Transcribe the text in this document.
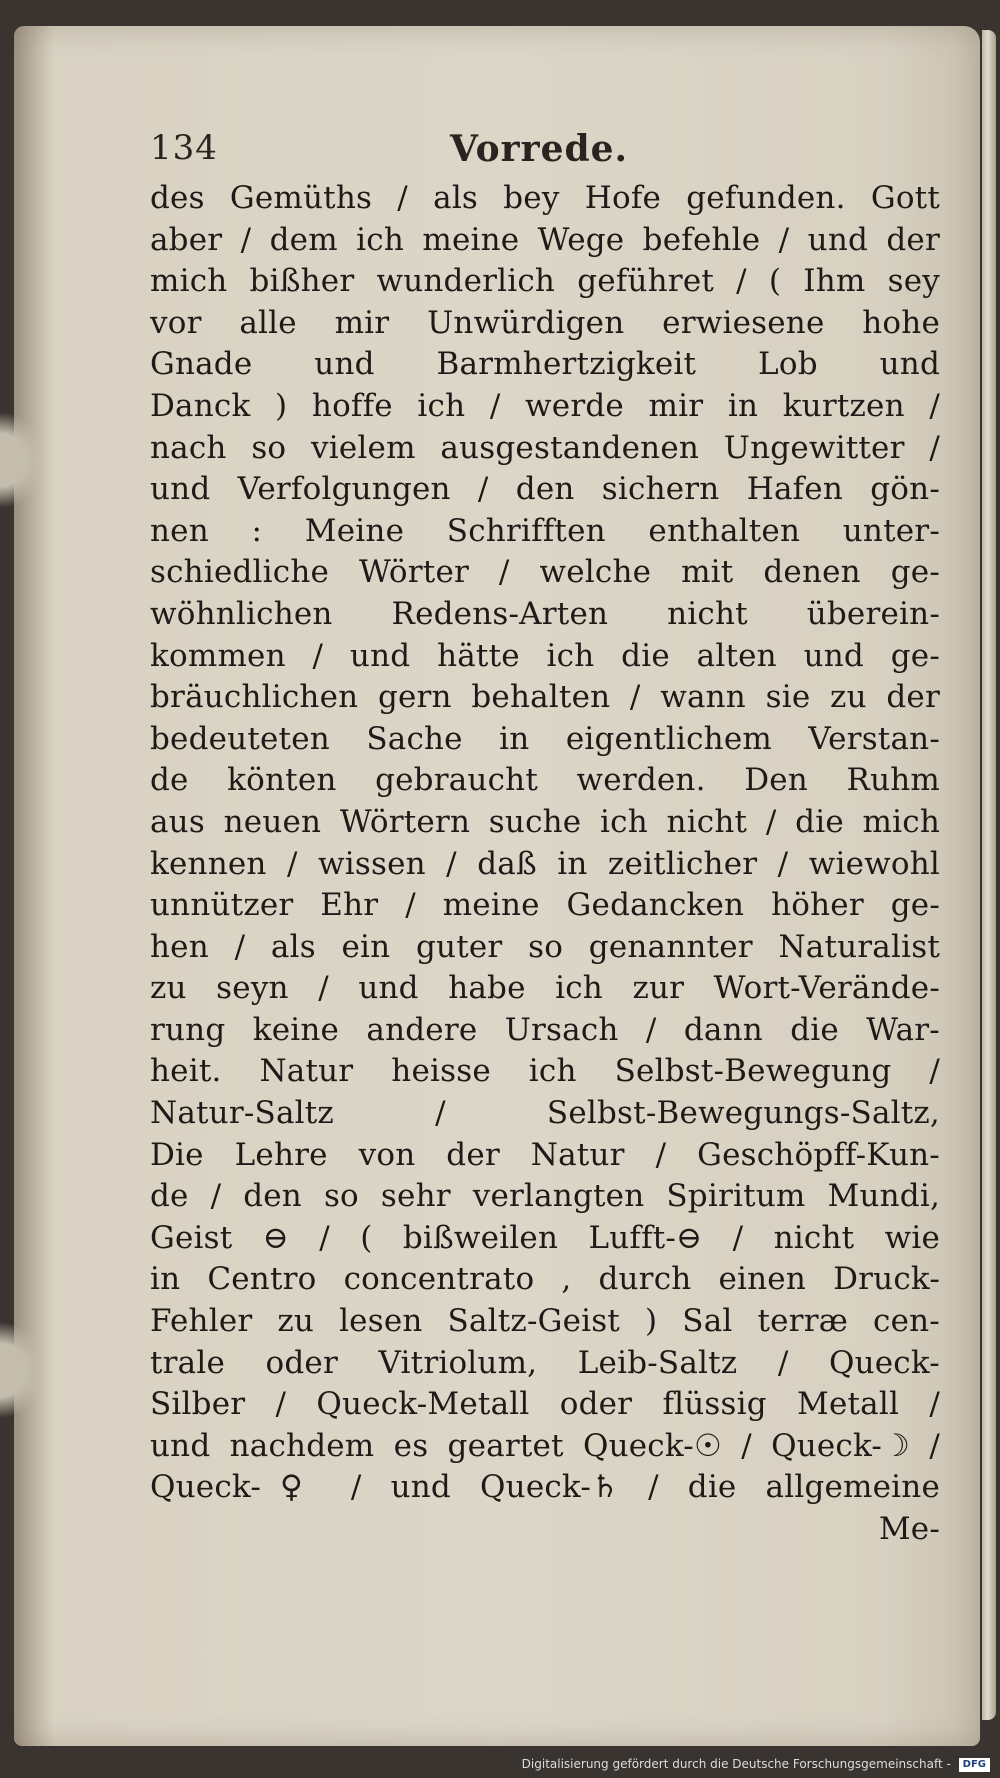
134	Vorrede.
des Gemüths / als bey Hofe gefunden. Gott
aber / dem ich meine Wege befehle / und der
mich bißher wunderlich geführet / ( Ihm sey
vor alle mir Unwürdigen erwiesene hohe
Gnade und Barmhertzigkeit Lob und
Danck ) hoffe ich / werde mir in kurtzen /
nach so vielem ausgestandenen Ungewitter /
und Verfolgungen / den sichern Hafen gön-
nen : Meine Schrifften enthalten unter-
schiedliche Wörter / welche mit denen ge-
wöhnlichen Redens-Arten nicht überein-
kommen / und hätte ich die alten und ge-
bräuchlichen gern behalten / wann sie zu der
bedeuteten Sache in eigentlichem Verstan-
de könten gebraucht werden. Den Ruhm
aus neuen Wörtern suche ich nicht / die mich
kennen / wissen / daß in zeitlicher / wiewohl
unnützer Ehr / meine Gedancken höher ge-
hen / als ein guter so genannter Naturalist
zu seyn / und habe ich zur Wort-Verände-
rung keine andere Ursach / dann die War-
heit. Natur heisse ich Selbst-Bewegung /
Natur-Saltz / Selbst-Bewegungs-Saltz,
Die Lehre von der Natur / Geschöpff-Kun-
de / den so sehr verlangten Spiritum Mundi,
Geist ⊖ / ( bißweilen Lufft-⊖ / nicht wie
in Centro concentrato , durch einen Druck-
Fehler zu lesen Saltz-Geist ) Sal terræ cen-
trale oder Vitriolum, Leib-Saltz / Queck-
Silber / Queck-Metall oder flüssig Metall /
und nachdem es geartet Queck-☉ / Queck-☽ /
Queck-♀ / und Queck-♄ / die allgemeine
Me-
Digitalisierung gefördert durch die Deutsche Forschungsgemeinschaft - DFG
